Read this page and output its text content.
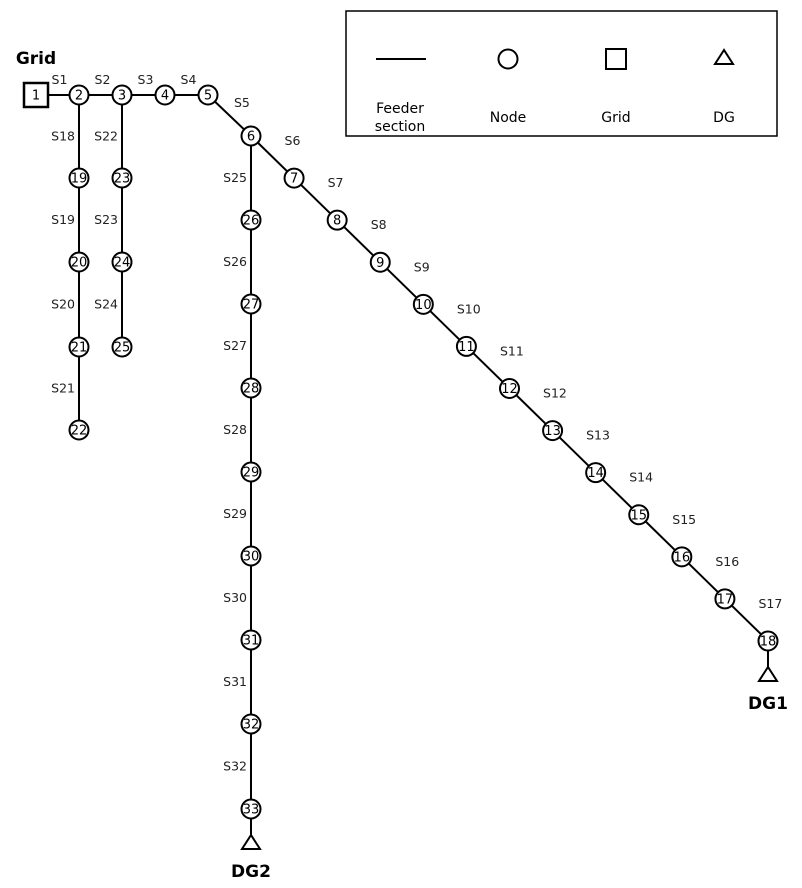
S1 S2 S3 S4
S5
S6
S7
S8
S9
S10
S11
S12
S13
S14
S15
S16
S17
S18
S19
S20
S21
S22
S23
S24
S25
S26
S27
S28
S29
S30
S31
S32
1	2	3	4	5
6
7
8
9
10
11
12
13
14
15
16
17
18
19
20
21
22
23
24
25
26
27
28
29
30
31
32
33
Grid
DG1
DG2
Feeder
section
Node	Grid	DG
